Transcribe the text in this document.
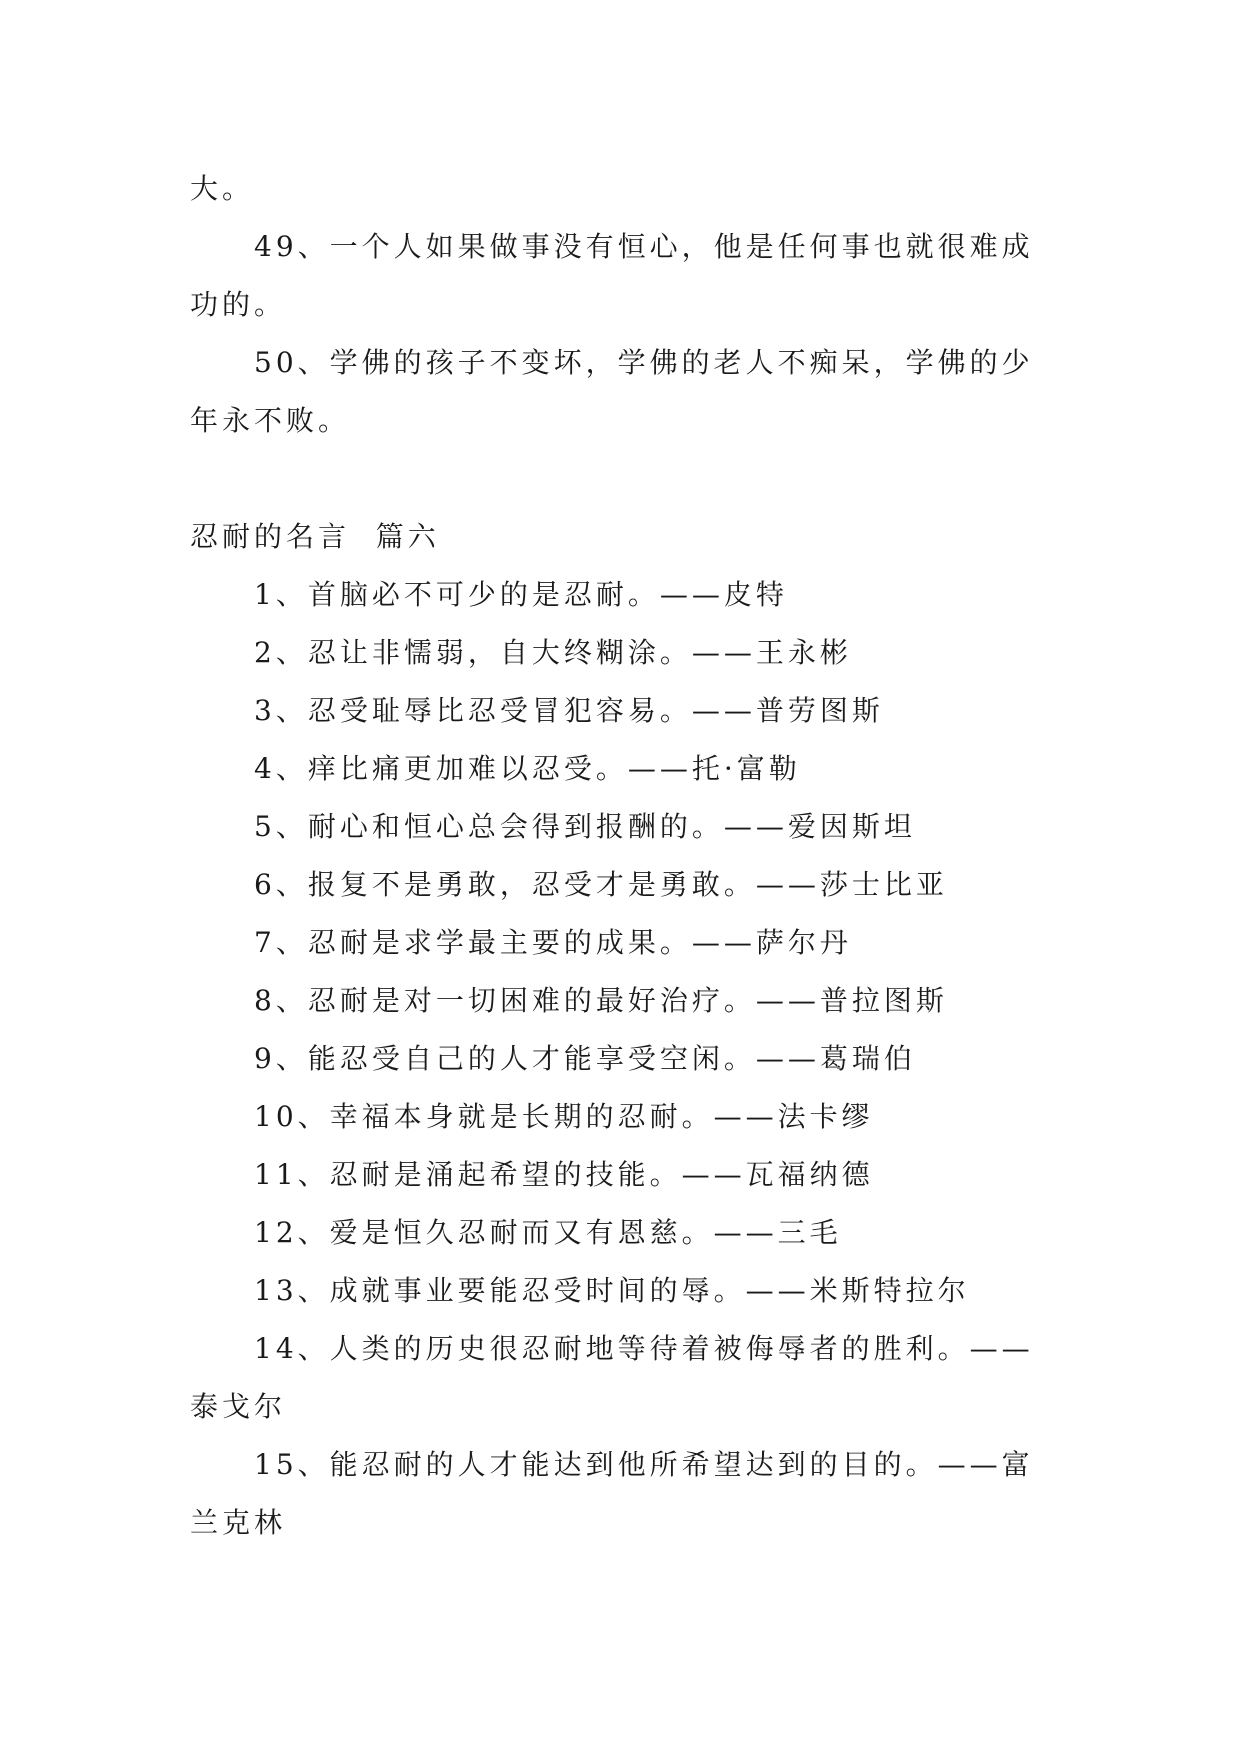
大。

49、一个人如果做事没有恒心，他是任何事也就很难成功的。

50、学佛的孩子不变坏，学佛的老人不痴呆，学佛的少年永不败。

忍耐的名言  篇六

1、首脑必不可少的是忍耐。——皮特

2、忍让非懦弱，自大终糊涂。——王永彬

3、忍受耻辱比忍受冒犯容易。——普劳图斯

4、痒比痛更加难以忍受。——托·富勒

5、耐心和恒心总会得到报酬的。——爱因斯坦

6、报复不是勇敢，忍受才是勇敢。——莎士比亚

7、忍耐是求学最主要的成果。——萨尔丹

8、忍耐是对一切困难的最好治疗。——普拉图斯

9、能忍受自己的人才能享受空闲。——葛瑞伯

10、幸福本身就是长期的忍耐。——法卡缪

11、忍耐是涌起希望的技能。——瓦福纳德

12、爱是恒久忍耐而又有恩慈。——三毛

13、成就事业要能忍受时间的辱。——米斯特拉尔

14、人类的历史很忍耐地等待着被侮辱者的胜利。——泰戈尔

15、能忍耐的人才能达到他所希望达到的目的。——富兰克林
